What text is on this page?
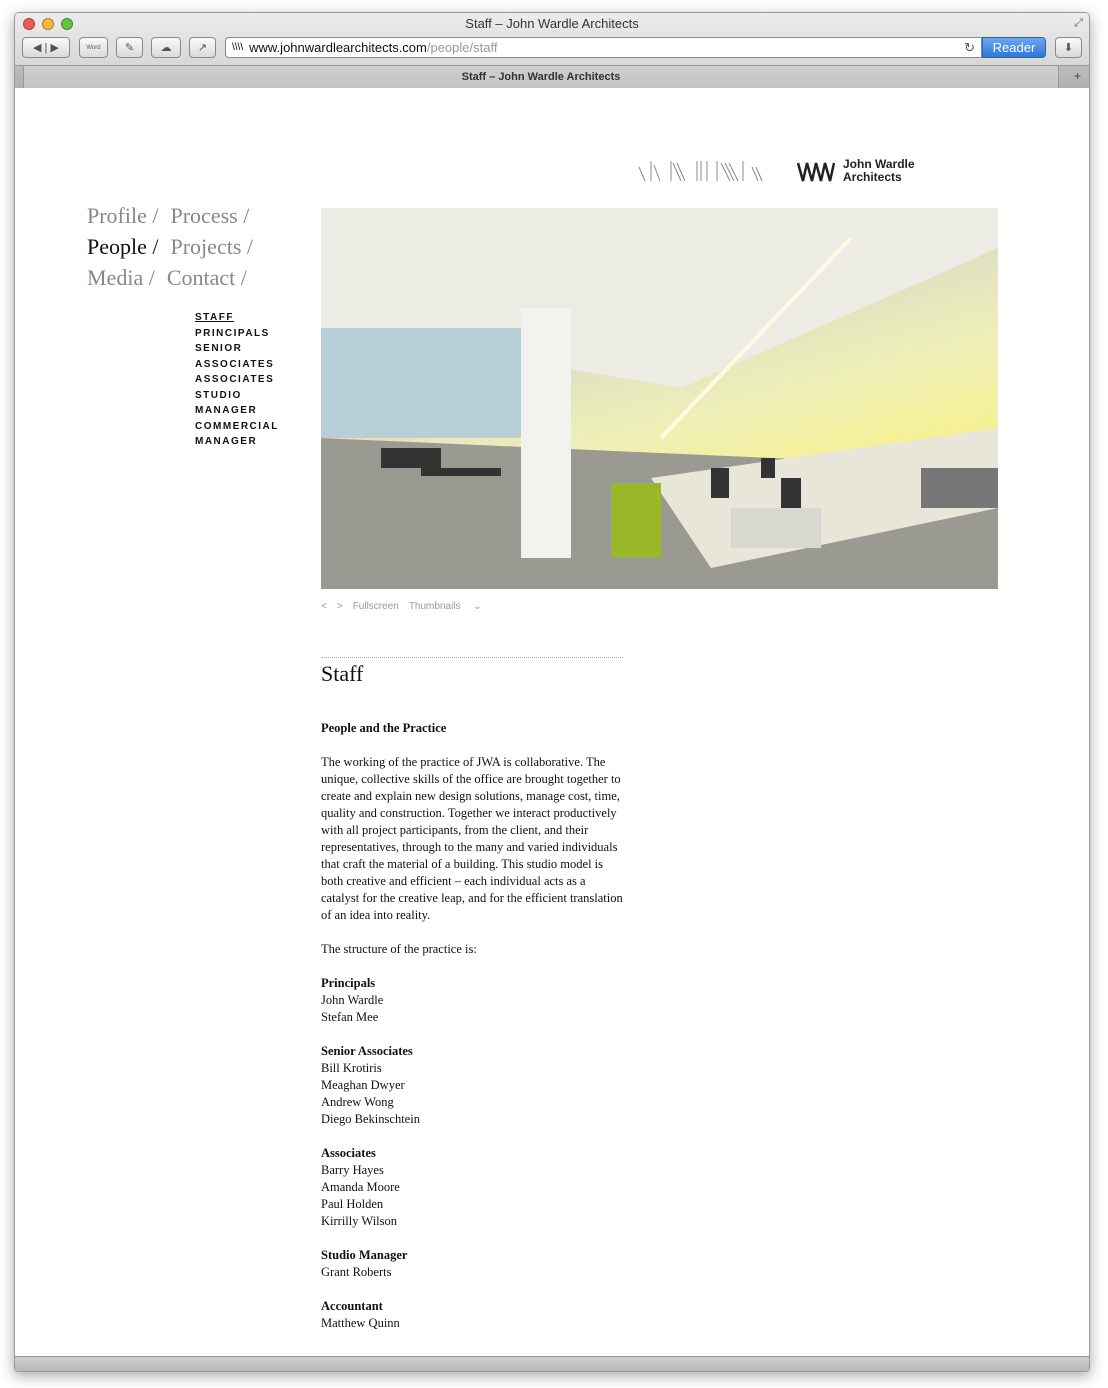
Staff – John Wardle Architects	⤢
◀ | ▶	Word	✎	☁	↗	\\\\ www.johnwardlearchitects.com /people/staff	↻	Reader	⬇
Staff – John Wardle Architects	+
John Wardle
Architects
Profile / Process /
People / Projects /
Media / Contact /
STAFF
PRINCIPALS
SENIOR
ASSOCIATES
ASSOCIATES
STUDIO
MANAGER
COMMERCIAL
MANAGER
< > Fullscreen Thumbnails ⌄
Staff

People and the Practice

The working of the practice of JWA is collaborative. The unique, collective skills of the office are brought together to create and explain new design solutions, manage cost, time, quality and construction. Together we interact productively with all project participants, from the client, and their representatives, through to the many and varied individuals that craft the material of a building. This studio model is both creative and efficient – each individual acts as a catalyst for the creative leap, and for the efficient translation of an idea into reality.

The structure of the practice is:

Principals
John Wardle
Stefan Mee
Senior Associates
Bill Krotiris
Meaghan Dwyer
Andrew Wong
Diego Bekinschtein
Associates
Barry Hayes
Amanda Moore
Paul Holden
Kirrilly Wilson
Studio Manager
Grant Roberts
Accountant
Matthew Quinn
